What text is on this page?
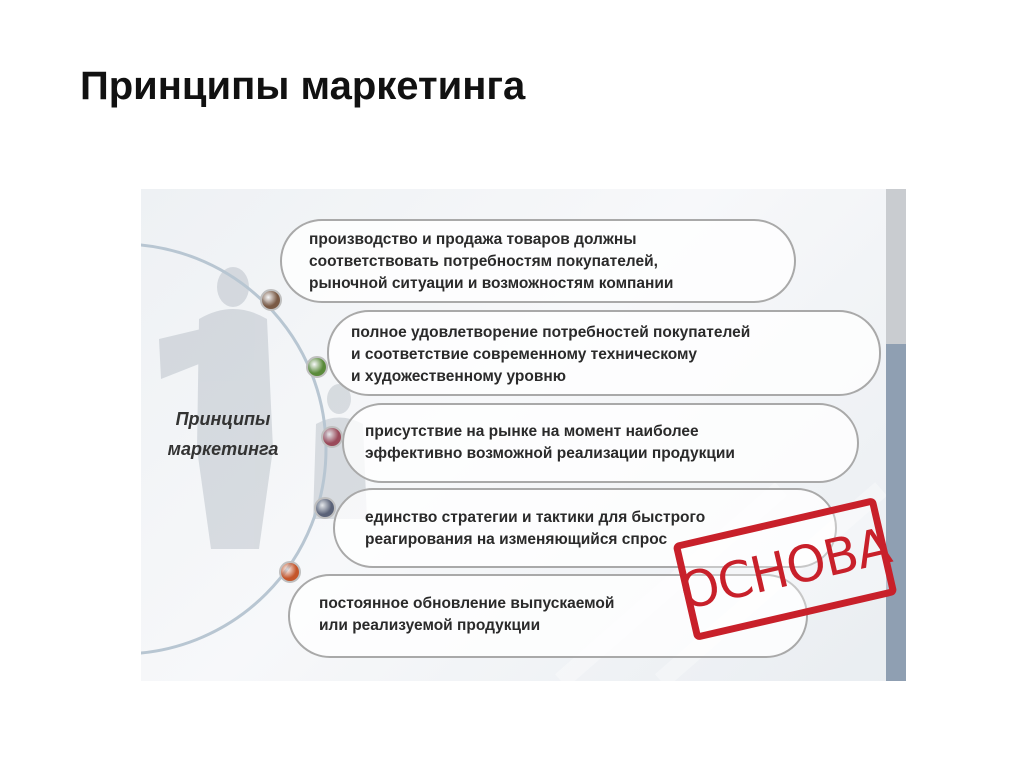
Принципы маркетинга
Принципы
маркетинга
производство и продажа товаров должны
соответствовать потребностям покупателей,
рыночной ситуации и возможностям компании
полное удовлетворение потребностей покупателей
и соответствие современному техническому
и художественному уровню
присутствие на рынке на момент наиболее
эффективно возможной реализации продукции
единство стратегии и тактики для быстрого
реагирования на изменяющийся спрос
постоянное обновление выпускаемой
или реализуемой продукции
ОСНОВА
